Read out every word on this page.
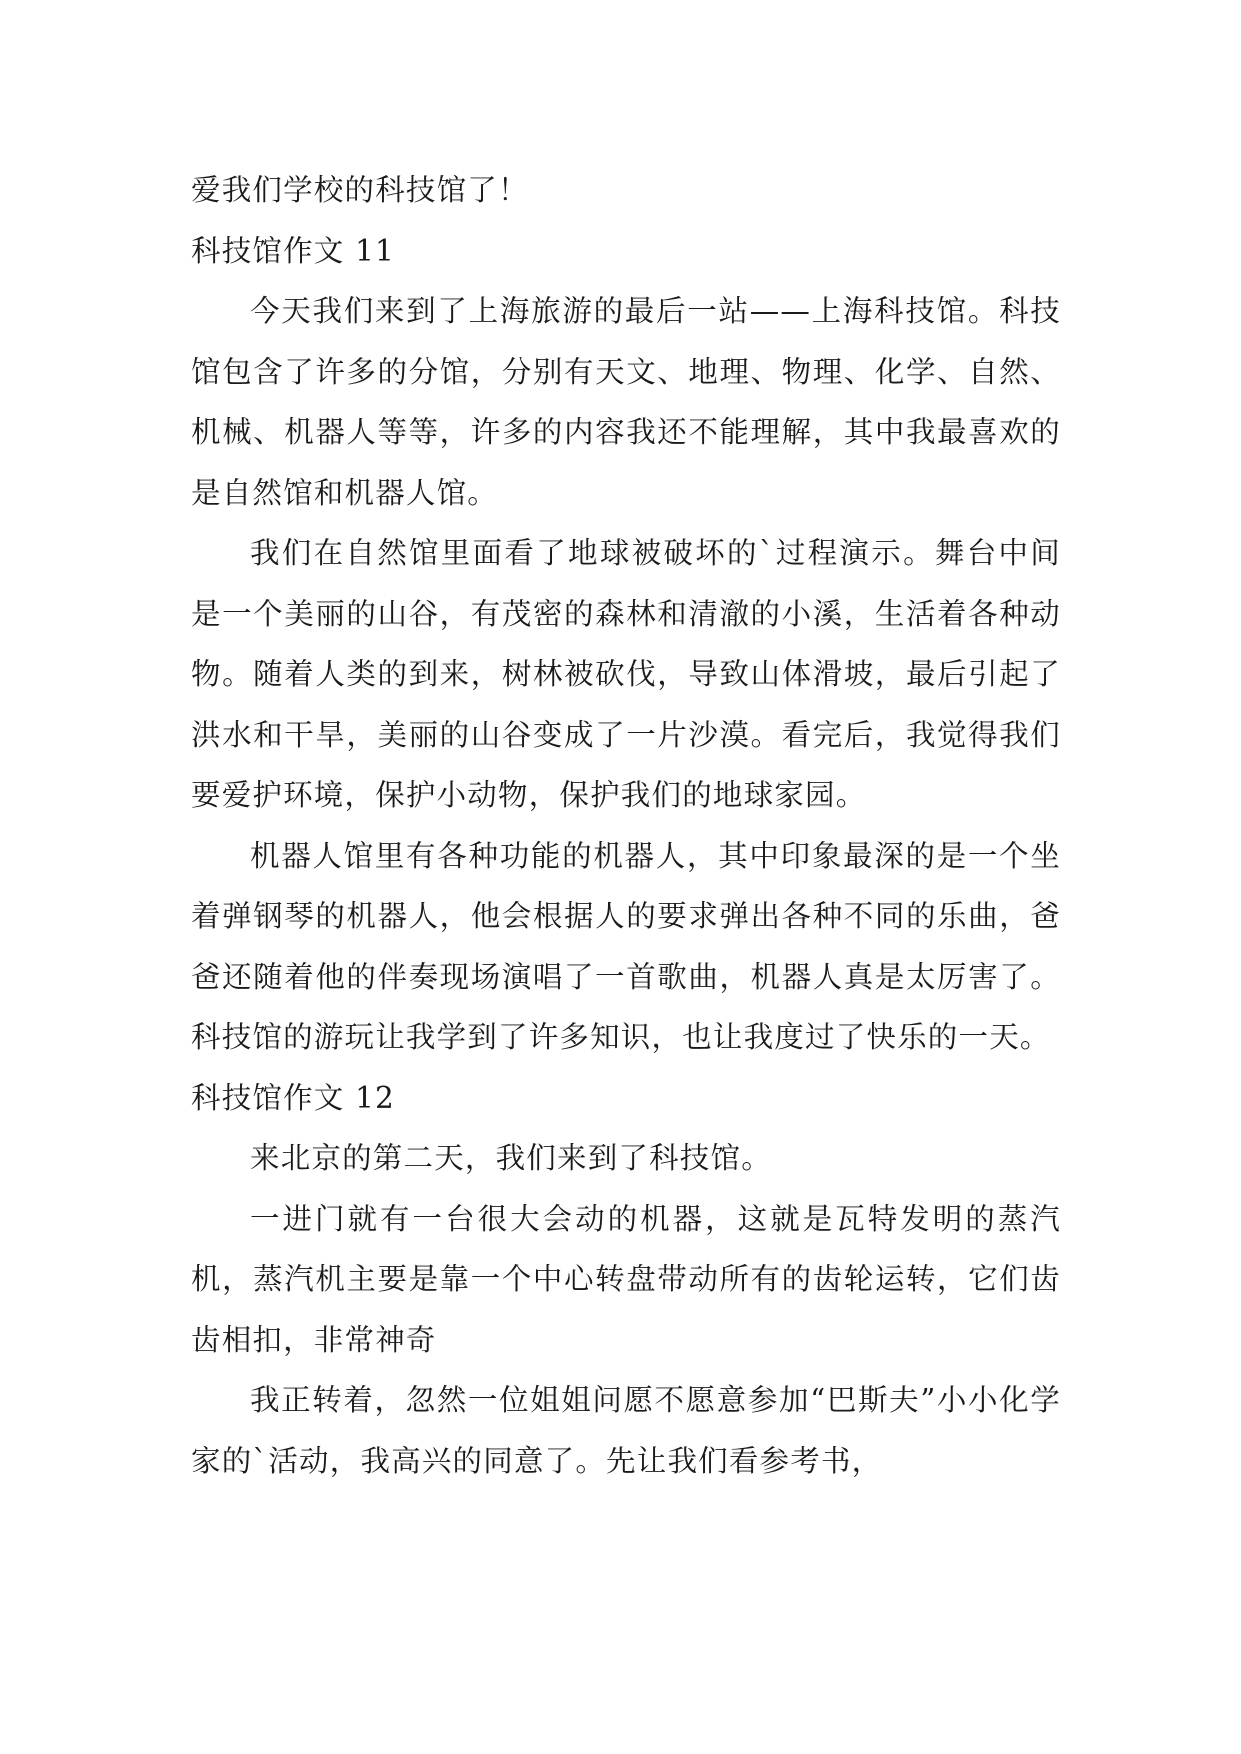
爱我们学校的科技馆了！

科技馆作文 11

今天我们来到了上海旅游的最后一站——上海科技馆。科技馆包含了许多的分馆，分别有天文、地理、物理、化学、自然、机械、机器人等等，许多的内容我还不能理解，其中我最喜欢的是自然馆和机器人馆。

我们在自然馆里面看了地球被破坏的`过程演示。舞台中间是一个美丽的山谷，有茂密的森林和清澈的小溪，生活着各种动物。随着人类的到来，树林被砍伐，导致山体滑坡，最后引起了洪水和干旱，美丽的山谷变成了一片沙漠。看完后，我觉得我们要爱护环境，保护小动物，保护我们的地球家园。

机器人馆里有各种功能的机器人，其中印象最深的是一个坐着弹钢琴的机器人，他会根据人的要求弹出各种不同的乐曲，爸爸还随着他的伴奏现场演唱了一首歌曲，机器人真是太厉害了。科技馆的游玩让我学到了许多知识，也让我度过了快乐的一天。

科技馆作文 12

来北京的第二天，我们来到了科技馆。

一进门就有一台很大会动的机器，这就是瓦特发明的蒸汽机，蒸汽机主要是靠一个中心转盘带动所有的齿轮运转，它们齿齿相扣，非常神奇

我正转着，忽然一位姐姐问愿不愿意参加“巴斯夫”小小化学家的`活动，我高兴的同意了。先让我们看参考书，
